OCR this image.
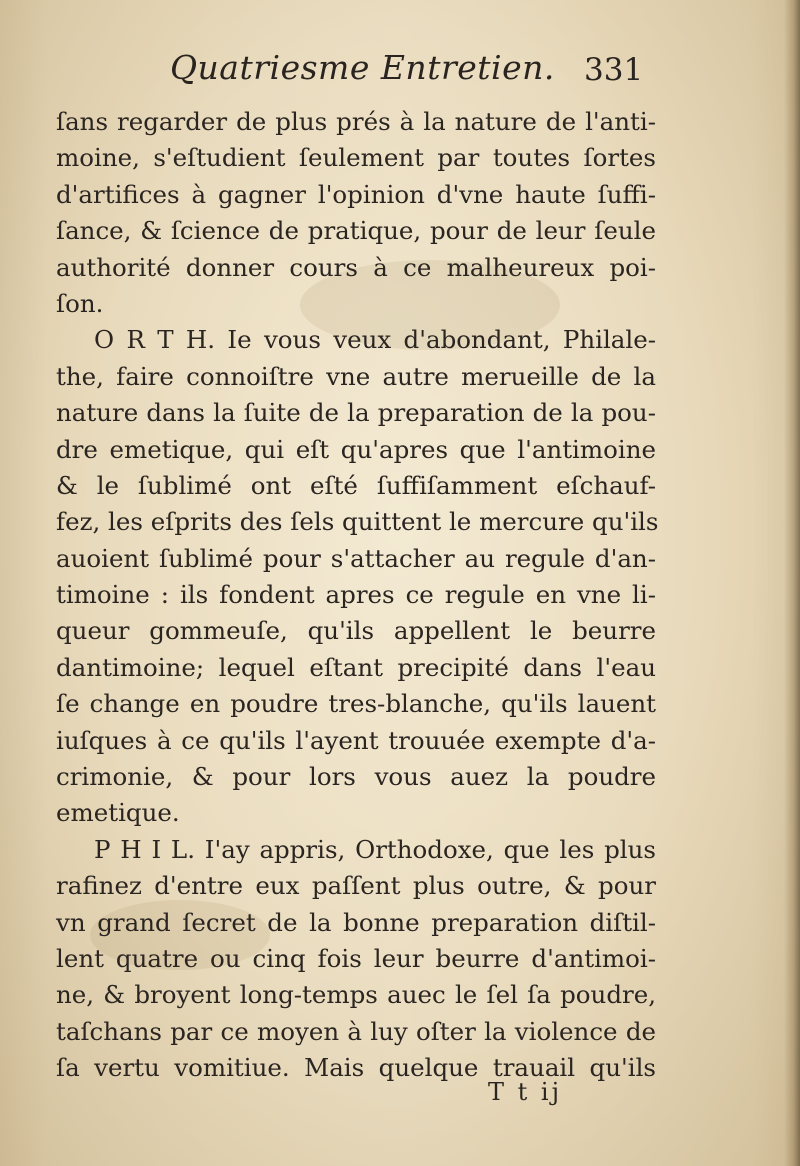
Quatriesme Entretien. 331
ſans regarder de plus prés à la nature de l'anti-
moine, s'eſtudient ſeulement par toutes ſortes
d'artifices à gagner l'opinion d'vne haute ſuffi-
ſance, & ſcience de pratique, pour de leur ſeule
authorité donner cours à ce malheureux poi-
ſon.
O R T H. Ie vous veux d'abondant, Philale-
the, faire connoiſtre vne autre merueille de la
nature dans la ſuite de la preparation de la pou-
dre emetique, qui eſt qu'apres que l'antimoine
& le ſublimé ont eſté ſuffiſamment eſchauf-
fez, les eſprits des ſels quittent le mercure qu'ils
auoient ſublimé pour s'attacher au regule d'an-
timoine : ils fondent apres ce regule en vne li-
queur gommeuſe, qu'ils appellent le beurre
dantimoine; lequel eſtant precipité dans l'eau
ſe change en poudre tres-blanche, qu'ils lauent
iuſques à ce qu'ils l'ayent trouuée exempte d'a-
crimonie, & pour lors vous auez la poudre
emetique.
P H I L. I'ay appris, Orthodoxe, que les plus
rafinez d'entre eux paſſent plus outre, & pour
vn grand ſecret de la bonne preparation diſtil-
lent quatre ou cinq fois leur beurre d'antimoi-
ne, & broyent long-temps auec le ſel ſa poudre,
taſchans par ce moyen à luy oſter la violence de
ſa vertu vomitiue. Mais quelque trauail qu'ils
T t ij
